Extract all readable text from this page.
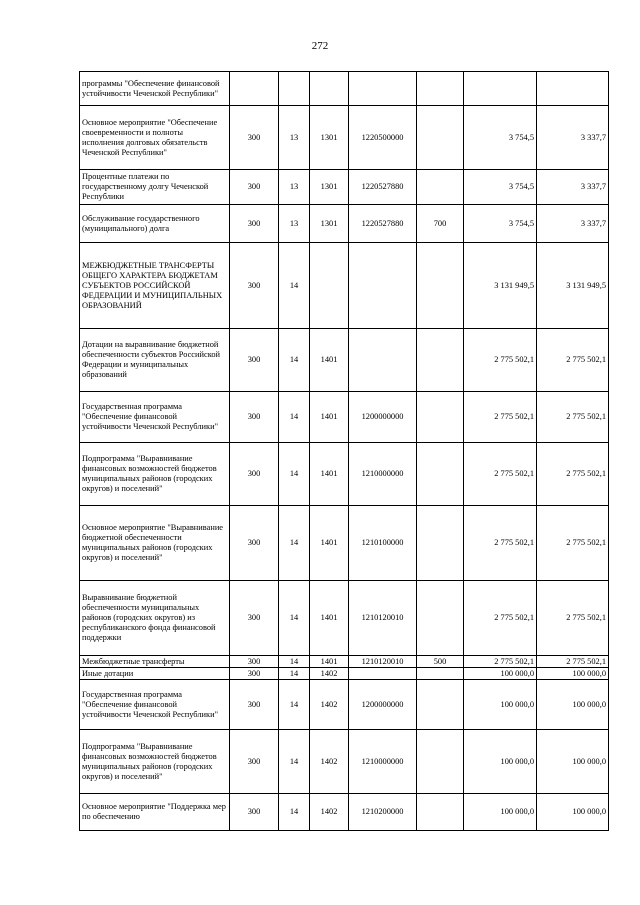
272
программы "Обеспечение финансовой устойчивости Чеченской Республики"							
Основное мероприятие "Обеспечение своевременности и полноты исполнения долговых обязательств Чеченской Республики"	300	13	1301	1220500000		3 754,5	3 337,7
Процентные платежи по государственному долгу Чеченской Республики	300	13	1301	1220527880		3 754,5	3 337,7
Обслуживание государственного (муниципального) долга	300	13	1301	1220527880	700	3 754,5	3 337,7
МЕЖБЮДЖЕТНЫЕ ТРАНСФЕРТЫ ОБЩЕГО ХАРАКТЕРА БЮДЖЕТАМ СУБЪЕКТОВ РОССИЙСКОЙ ФЕДЕРАЦИИ И МУНИЦИПАЛЬНЫХ ОБРАЗОВАНИЙ	300	14				3 131 949,5	3 131 949,5
Дотации на выравнивание бюджетной обеспеченности субъектов Российской Федерации и муниципальных образований	300	14	1401			2 775 502,1	2 775 502,1
Государственная программа "Обеспечение финансовой устойчивости Чеченской Республики"	300	14	1401	1200000000		2 775 502,1	2 775 502,1
Подпрограмма "Выравнивание финансовых возможностей бюджетов муниципальных районов (городских округов) и поселений"	300	14	1401	1210000000		2 775 502,1	2 775 502,1
Основное мероприятие "Выравнивание бюджетной обеспеченности муниципальных районов (городских округов) и поселений"	300	14	1401	1210100000		2 775 502,1	2 775 502,1
Выравнивание бюджетной обеспеченности муниципальных районов (городских округов) из республиканского фонда финансовой поддержки	300	14	1401	1210120010		2 775 502,1	2 775 502,1
Межбюджетные трансферты	300	14	1401	1210120010	500	2 775 502,1	2 775 502,1
Иные дотации	300	14	1402			100 000,0	100 000,0
Государственная программа "Обеспечение финансовой устойчивости Чеченской Республики"	300	14	1402	1200000000		100 000,0	100 000,0
Подпрограмма "Выравнивание финансовых возможностей бюджетов муниципальных районов (городских округов) и поселений"	300	14	1402	1210000000		100 000,0	100 000,0
Основное мероприятие "Поддержка мер по обеспечению	300	14	1402	1210200000		100 000,0	100 000,0
